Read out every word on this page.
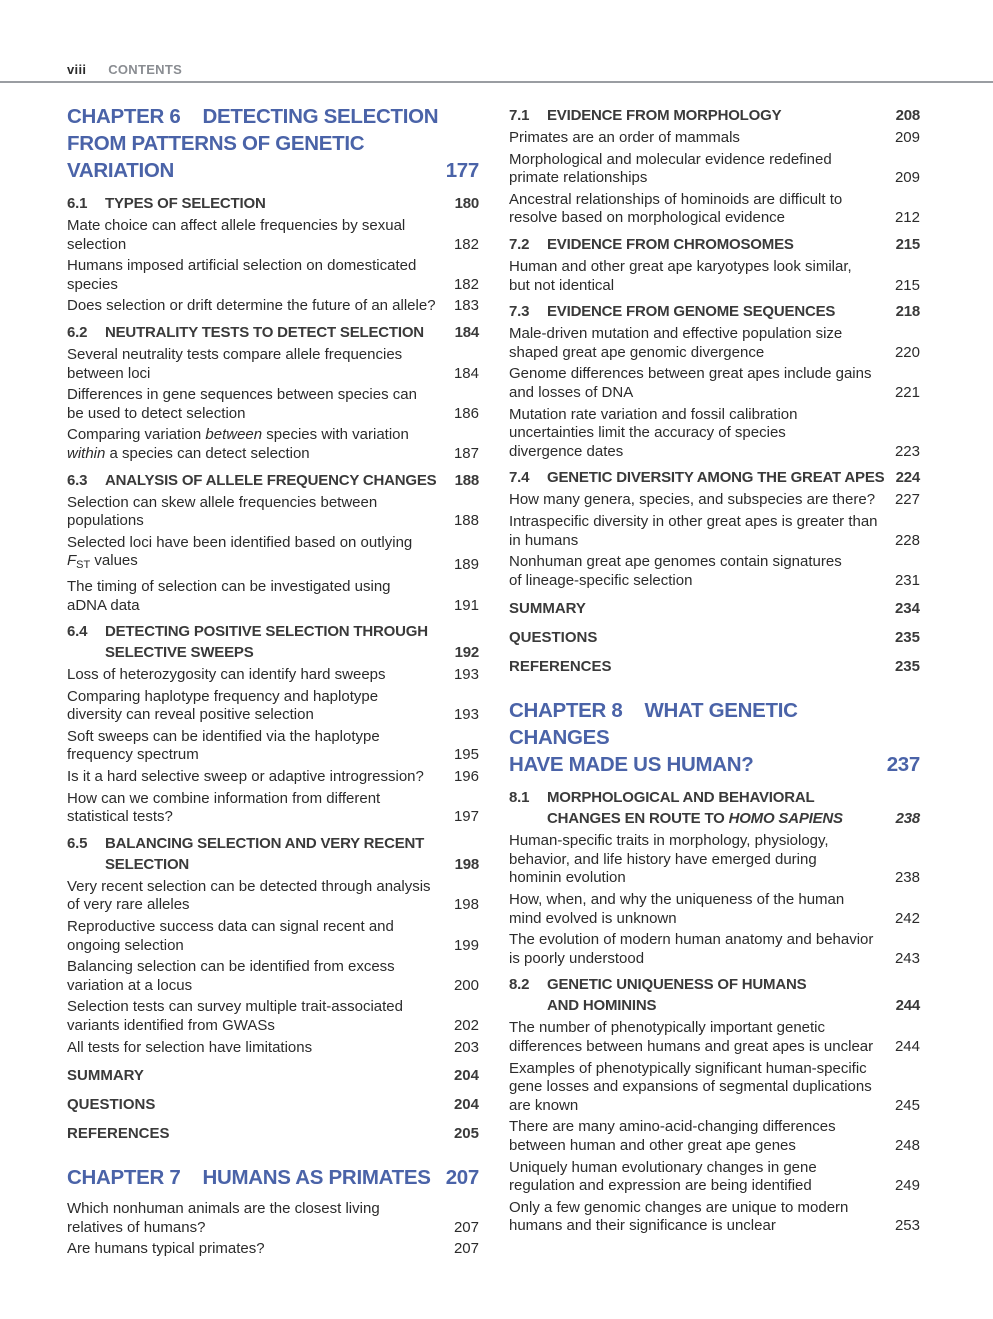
viii CONTENTS
CHAPTER 6 DETECTING SELECTION
FROM PATTERNS OF GENETIC VARIATION	177
6.1	TYPES OF SELECTION	180
Mate choice can affect allele frequencies by sexual
selection	182
Humans imposed artificial selection on domesticated
species	182
Does selection or drift determine the future of an allele? 183
6.2	NEUTRALITY TESTS TO DETECT SELECTION 184
Several neutrality tests compare allele frequencies
between loci	184
Differences in gene sequences between species can
be used to detect selection	186
Comparing variation between species with variation
within a species can detect selection	187
6.3	ANALYSIS OF ALLELE FREQUENCY CHANGES 188
Selection can skew allele frequencies between
populations	188
Selected loci have been identified based on outlying
$F_{ST}$ values	189
The timing of selection can be investigated using
aDNA data	191
6.4	DETECTING POSITIVE SELECTION THROUGH
SELECTIVE SWEEPS	192
Loss of heterozygosity can identify hard sweeps	193
Comparing haplotype frequency and haplotype
diversity can reveal positive selection	193
Soft sweeps can be identified via the haplotype
frequency spectrum	195
Is it a hard selective sweep or adaptive introgression? 196
How can we combine information from different
statistical tests?	197
6.5	BALANCING SELECTION AND VERY RECENT
SELECTION	198
Very recent selection can be detected through analysis
of very rare alleles	198
Reproductive success data can signal recent and
ongoing selection	199
Balancing selection can be identified from excess
variation at a locus	200
Selection tests can survey multiple trait-associated
variants identified from GWASs	202
All tests for selection have limitations	203
SUMMARY	204
QUESTIONS	204
REFERENCES	205
CHAPTER 7 HUMANS AS PRIMATES 207
Which nonhuman animals are the closest living
relatives of humans?	207
Are humans typical primates?	207
7.1	EVIDENCE FROM MORPHOLOGY	208
Primates are an order of mammals	209
Morphological and molecular evidence redefined
primate relationships	209
Ancestral relationships of hominoids are difficult to
resolve based on morphological evidence	212
7.2	EVIDENCE FROM CHROMOSOMES	215
Human and other great ape karyotypes look similar,
but not identical	215
7.3	EVIDENCE FROM GENOME SEQUENCES	218
Male-driven mutation and effective population size
shaped great ape genomic divergence	220
Genome differences between great apes include gains
and losses of DNA	221
Mutation rate variation and fossil calibration
uncertainties limit the accuracy of species
divergence dates	223
7.4	GENETIC DIVERSITY AMONG THE GREAT APES 224
How many genera, species, and subspecies are there? 227
Intraspecific diversity in other great apes is greater than
in humans	228
Nonhuman great ape genomes contain signatures
of lineage-specific selection	231
SUMMARY	234
QUESTIONS	235
REFERENCES	235
CHAPTER 8 WHAT GENETIC CHANGES
HAVE MADE US HUMAN?	237
8.1	MORPHOLOGICAL AND BEHAVIORAL
CHANGES EN ROUTE TO HOMO SAPIENS	238
Human-specific traits in morphology, physiology,
behavior, and life history have emerged during
hominin evolution	238
How, when, and why the uniqueness of the human
mind evolved is unknown	242
The evolution of modern human anatomy and behavior
is poorly understood	243
8.2	GENETIC UNIQUENESS OF HUMANS
AND HOMININS	244
The number of phenotypically important genetic
differences between humans and great apes is unclear 244
Examples of phenotypically significant human-specific
gene losses and expansions of segmental duplications
are known	245
There are many amino-acid-changing differences
between human and other great ape genes	248
Uniquely human evolutionary changes in gene
regulation and expression are being identified	249
Only a few genomic changes are unique to modern
humans and their significance is unclear	253
